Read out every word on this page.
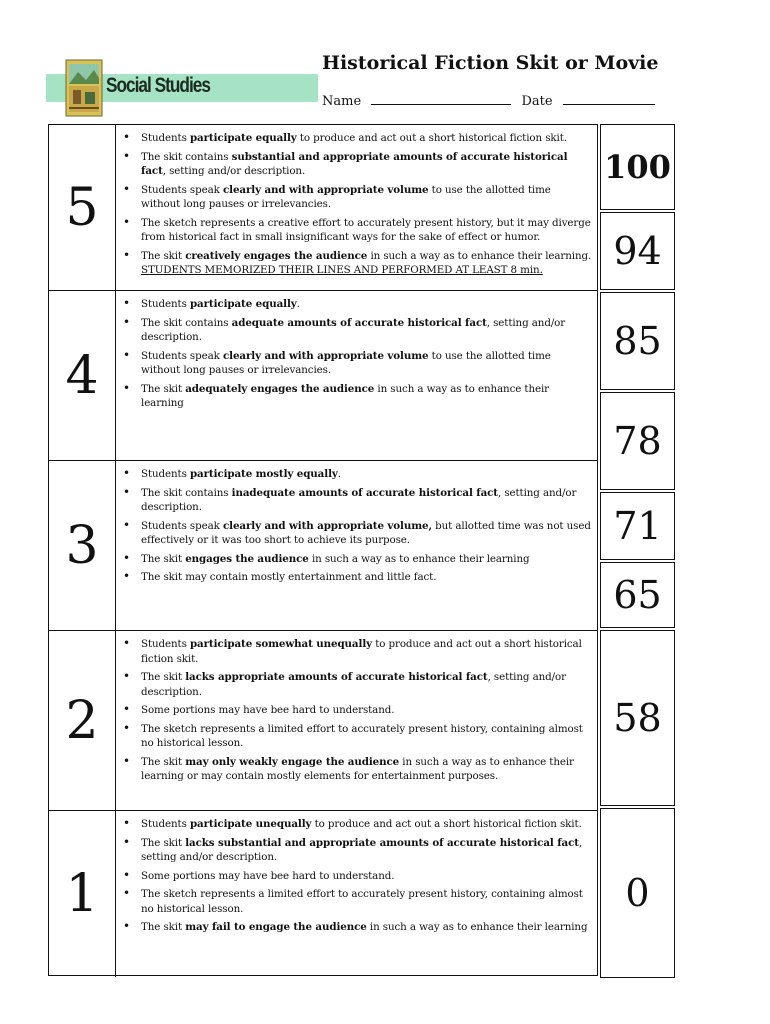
Social Studies
Historical Fiction Skit or Movie
Name	Date
5
• Students participate equally to produce and act out a short historical fiction skit.
• The skit contains substantial and appropriate amounts of accurate historical fact, setting and/or description.
• Students speak clearly and with appropriate volume to use the allotted time without long pauses or irrelevancies.
• The sketch represents a creative effort to accurately present history, but it may diverge from historical fact in small insignificant ways for the sake of effect or humor.
• The skit creatively engages the audience in such a way as to enhance their learning. STUDENTS MEMORIZED THEIR LINES AND PERFORMED AT LEAST 8 min.
4
• Students participate equally.
• The skit contains adequate amounts of accurate historical fact, setting and/or description.
• Students speak clearly and with appropriate volume to use the allotted time without long pauses or irrelevancies.
• The skit adequately engages the audience in such a way as to enhance their learning
3
• Students participate mostly equally.
• The skit contains inadequate amounts of accurate historical fact, setting and/or description.
• Students speak clearly and with appropriate volume, but allotted time was not used effectively or it was too short to achieve its purpose.
• The skit engages the audience in such a way as to enhance their learning
• The skit may contain mostly entertainment and little fact.
2
• Students participate somewhat unequally to produce and act out a short historical fiction skit.
• The skit lacks appropriate amounts of accurate historical fact, setting and/or description.
• Some portions may have bee hard to understand.
• The sketch represents a limited effort to accurately present history, containing almost no historical lesson.
• The skit may only weakly engage the audience in such a way as to enhance their learning or may contain mostly elements for entertainment purposes.
1
• Students participate unequally to produce and act out a short historical fiction skit.
• The skit lacks substantial and appropriate amounts of accurate historical fact, setting and/or description.
• Some portions may have bee hard to understand.
• The sketch represents a limited effort to accurately present history, containing almost no historical lesson.
• The skit may fail to engage the audience in such a way as to enhance their learning
100
94
85
78
71
65
58
0
